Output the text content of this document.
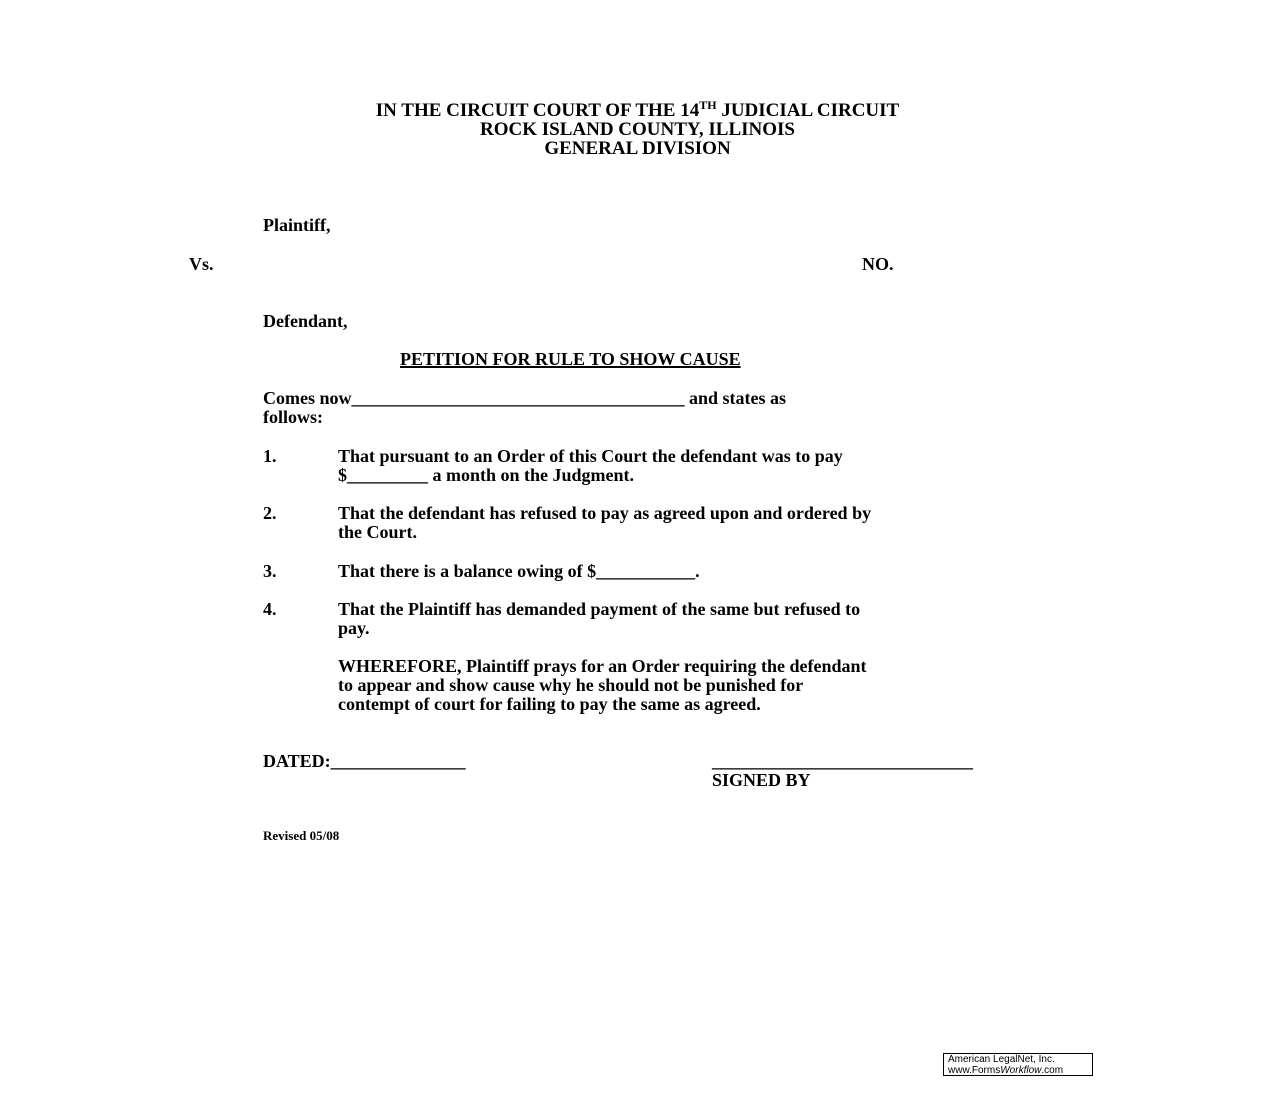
IN THE CIRCUIT COURT OF THE 14TH JUDICIAL CIRCUIT
ROCK ISLAND COUNTY, ILLINOIS
GENERAL DIVISION
Plaintiff,
Vs.	NO.
Defendant,
PETITION FOR RULE TO SHOW CAUSE
Comes now_____________________________________ and states as
follows:
1.	That pursuant to an Order of this Court the defendant was to pay
$_________ a month on the Judgment.
2.	That the defendant has refused to pay as agreed upon and ordered by
the Court.
3.	That there is a balance owing of $___________.
4.	That the Plaintiff has demanded payment of the same but refused to
pay.
WHEREFORE, Plaintiff prays for an Order requiring the defendant
to appear and show cause why he should not be punished for
contempt of court for failing to pay the same as agreed.
DATED:_______________	_____________________________
SIGNED BY
Revised 05/08
American LegalNet, Inc.
www.FormsWorkflow.com
